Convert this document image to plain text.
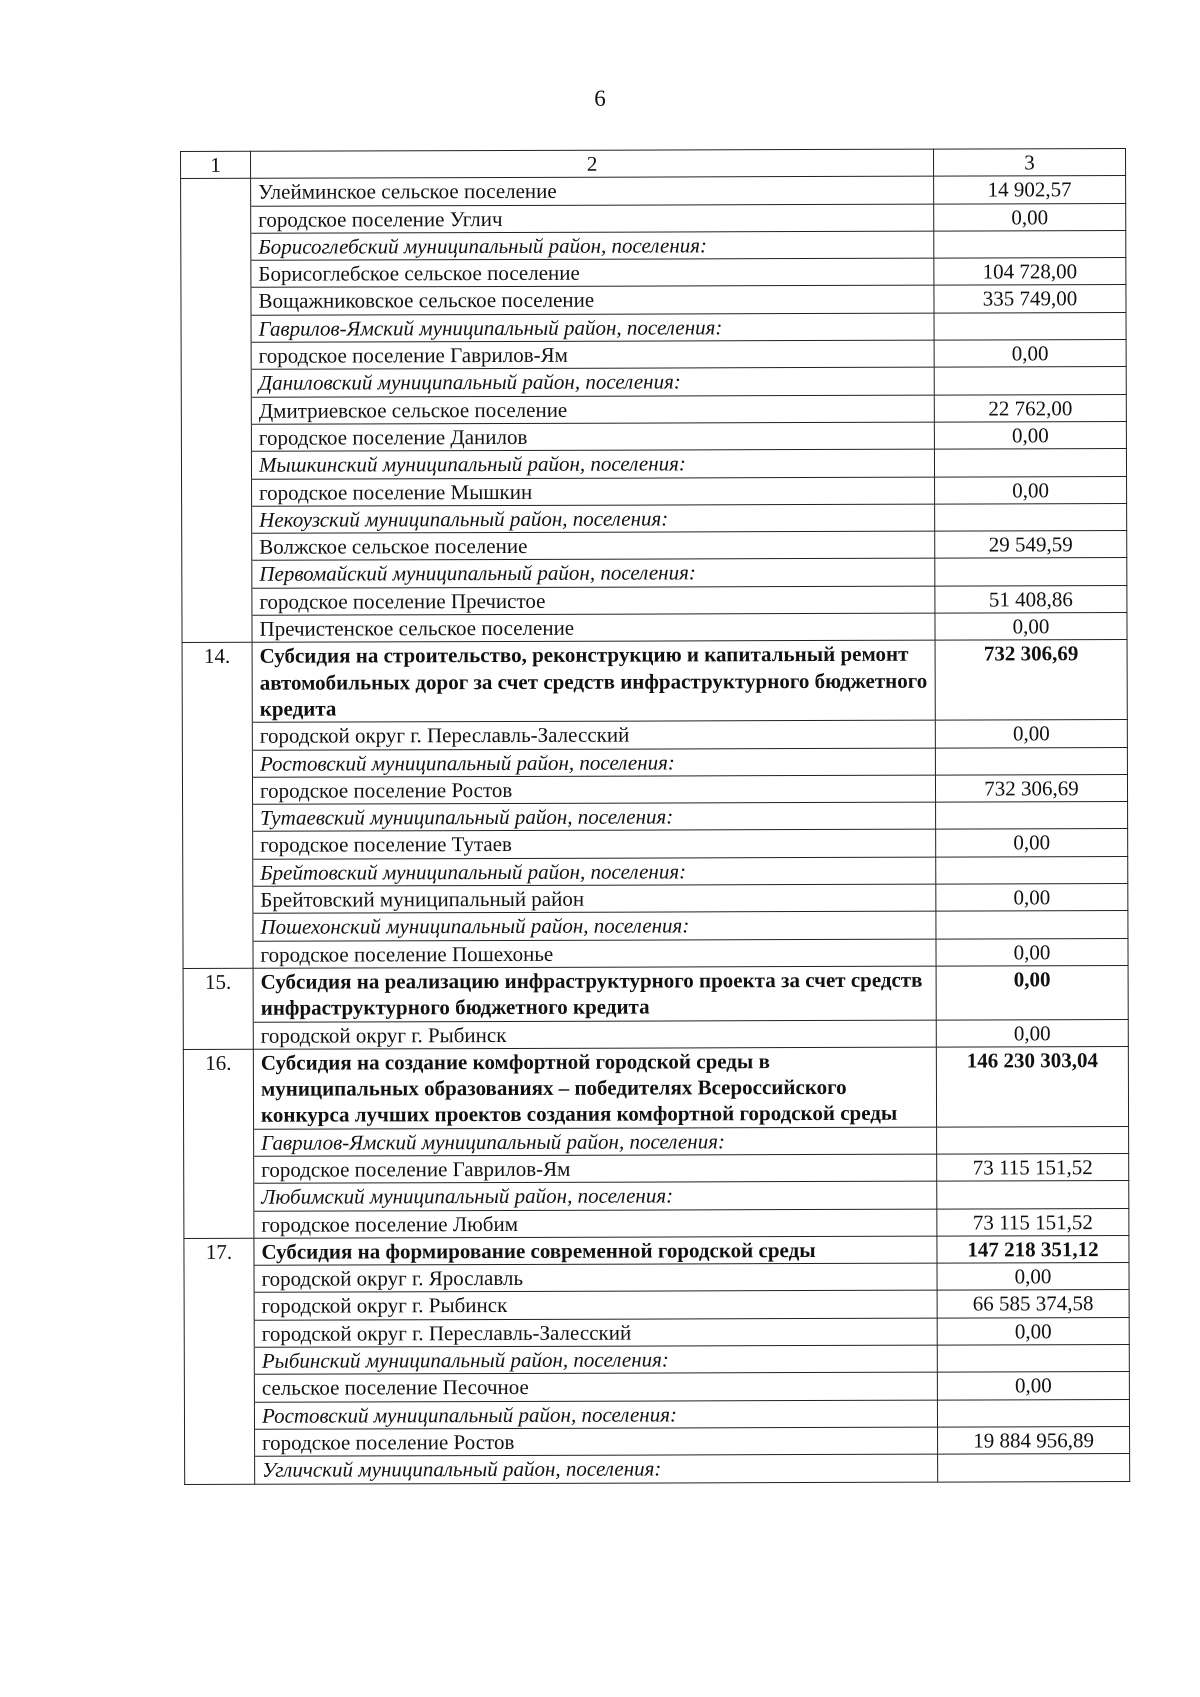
6
1	2	3
	Улейминское сельское поселение	14 902,57
	городское поселение Углич	0,00
	Борисоглебский муниципальный район, поселения:	
	Борисоглебское сельское поселение	104 728,00
	Вощажниковское сельское поселение	335 749,00
	Гаврилов-Ямский муниципальный район, поселения:	
	городское поселение Гаврилов-Ям	0,00
	Даниловский муниципальный район, поселения:	
	Дмитриевское сельское поселение	22 762,00
	городское поселение Данилов	0,00
	Мышкинский муниципальный район, поселения:	
	городское поселение Мышкин	0,00
	Некоузский муниципальный район, поселения:	
	Волжское сельское поселение	29 549,59
	Первомайский муниципальный район, поселения:	
	городское поселение Пречистое	51 408,86
	Пречистенское сельское поселение	0,00
14.	Субсидия на строительство, реконструкцию и капитальный ремонт автомобильных дорог за счет средств инфраструктурного бюджетного кредита	732 306,69
	городской округ г. Переславль-Залесский	0,00
	Ростовский муниципальный район, поселения:	
	городское поселение Ростов	732 306,69
	Тутаевский муниципальный район, поселения:	
	городское поселение Тутаев	0,00
	Брейтовский муниципальный район, поселения:	
	Брейтовский муниципальный район	0,00
	Пошехонский муниципальный район, поселения:	
	городское поселение Пошехонье	0,00
15.	Субсидия на реализацию инфраструктурного проекта за счет средств инфраструктурного бюджетного кредита	0,00
	городской округ г. Рыбинск	0,00
16.	Субсидия на создание комфортной городской среды в муниципальных образованиях – победителях Всероссийского конкурса лучших проектов создания комфортной городской среды	146 230 303,04
	Гаврилов-Ямский муниципальный район, поселения:	
	городское поселение Гаврилов-Ям	73 115 151,52
	Любимский муниципальный район, поселения:	
	городское поселение Любим	73 115 151,52
17.	Субсидия на формирование современной городской среды	147 218 351,12
	городской округ г. Ярославль	0,00
	городской округ г. Рыбинск	66 585 374,58
	городской округ г. Переславль-Залесский	0,00
	Рыбинский муниципальный район, поселения:	
	сельское поселение Песочное	0,00
	Ростовский муниципальный район, поселения:	
	городское поселение Ростов	19 884 956,89
	Угличский муниципальный район, поселения:	
